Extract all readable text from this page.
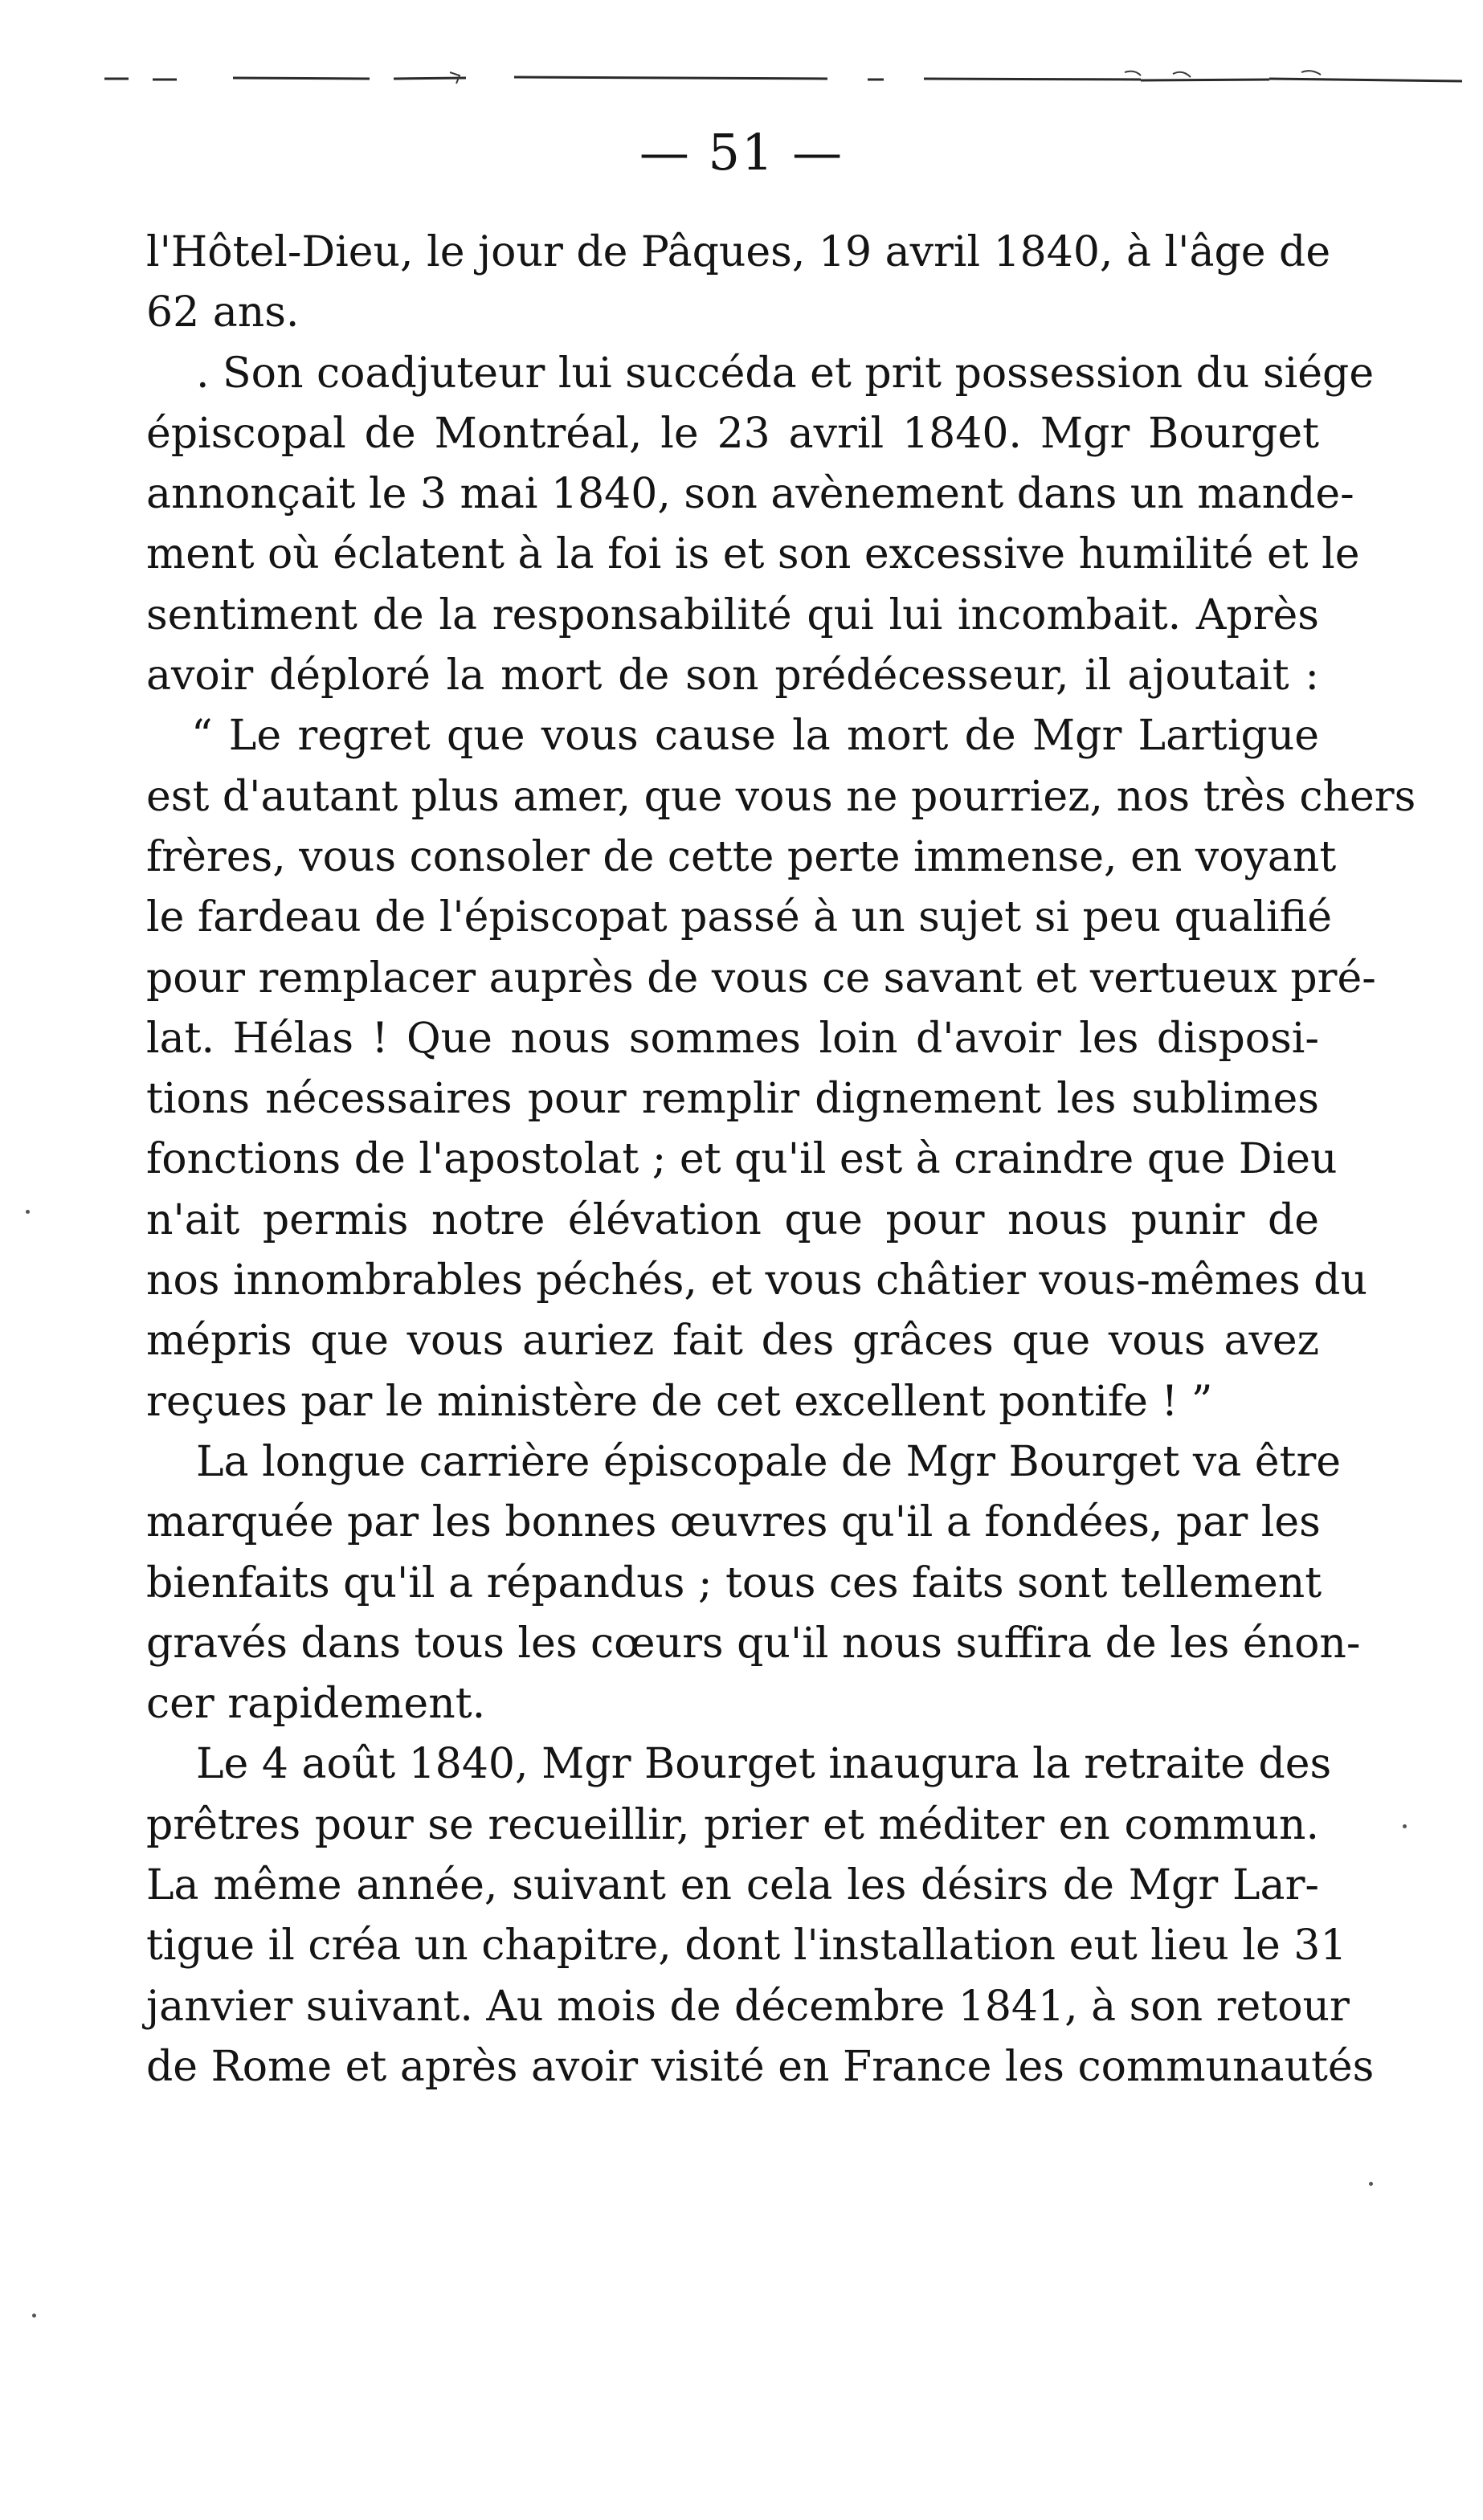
— 51 —
l'Hôtel-Dieu, le jour de Pâques, 19 avril 1840, à l'âge de
62 ans.
. Son coadjuteur lui succéda et prit possession du siége
épiscopal de Montréal, le 23 avril 1840. Mgr Bourget
annonçait le 3 mai 1840, son avènement dans un mande-
ment où éclatent à la foi is et son excessive humilité et le
sentiment de la responsabilité qui lui incombait. Après
avoir déploré la mort de son prédécesseur, il ajoutait :
“ Le regret que vous cause la mort de Mgr Lartigue
est d'autant plus amer, que vous ne pourriez, nos très chers
frères, vous consoler de cette perte immense, en voyant
le fardeau de l'épiscopat passé à un sujet si peu qualifié
pour remplacer auprès de vous ce savant et vertueux pré-
lat. Hélas ! Que nous sommes loin d'avoir les disposi-
tions nécessaires pour remplir dignement les sublimes
fonctions de l'apostolat ; et qu'il est à craindre que Dieu
n'ait permis notre élévation que pour nous punir de
nos innombrables péchés, et vous châtier vous-mêmes du
mépris que vous auriez fait des grâces que vous avez
reçues par le ministère de cet excellent pontife ! ”
La longue carrière épiscopale de Mgr Bourget va être
marquée par les bonnes œuvres qu'il a fondées, par les
bienfaits qu'il a répandus ; tous ces faits sont tellement
gravés dans tous les cœurs qu'il nous suffira de les énon-
cer rapidement.
Le 4 août 1840, Mgr Bourget inaugura la retraite des
prêtres pour se recueillir, prier et méditer en commun.
La même année, suivant en cela les désirs de Mgr Lar-
tigue il créa un chapitre, dont l'installation eut lieu le 31
janvier suivant. Au mois de décembre 1841, à son retour
de Rome et après avoir visité en France les communautés
